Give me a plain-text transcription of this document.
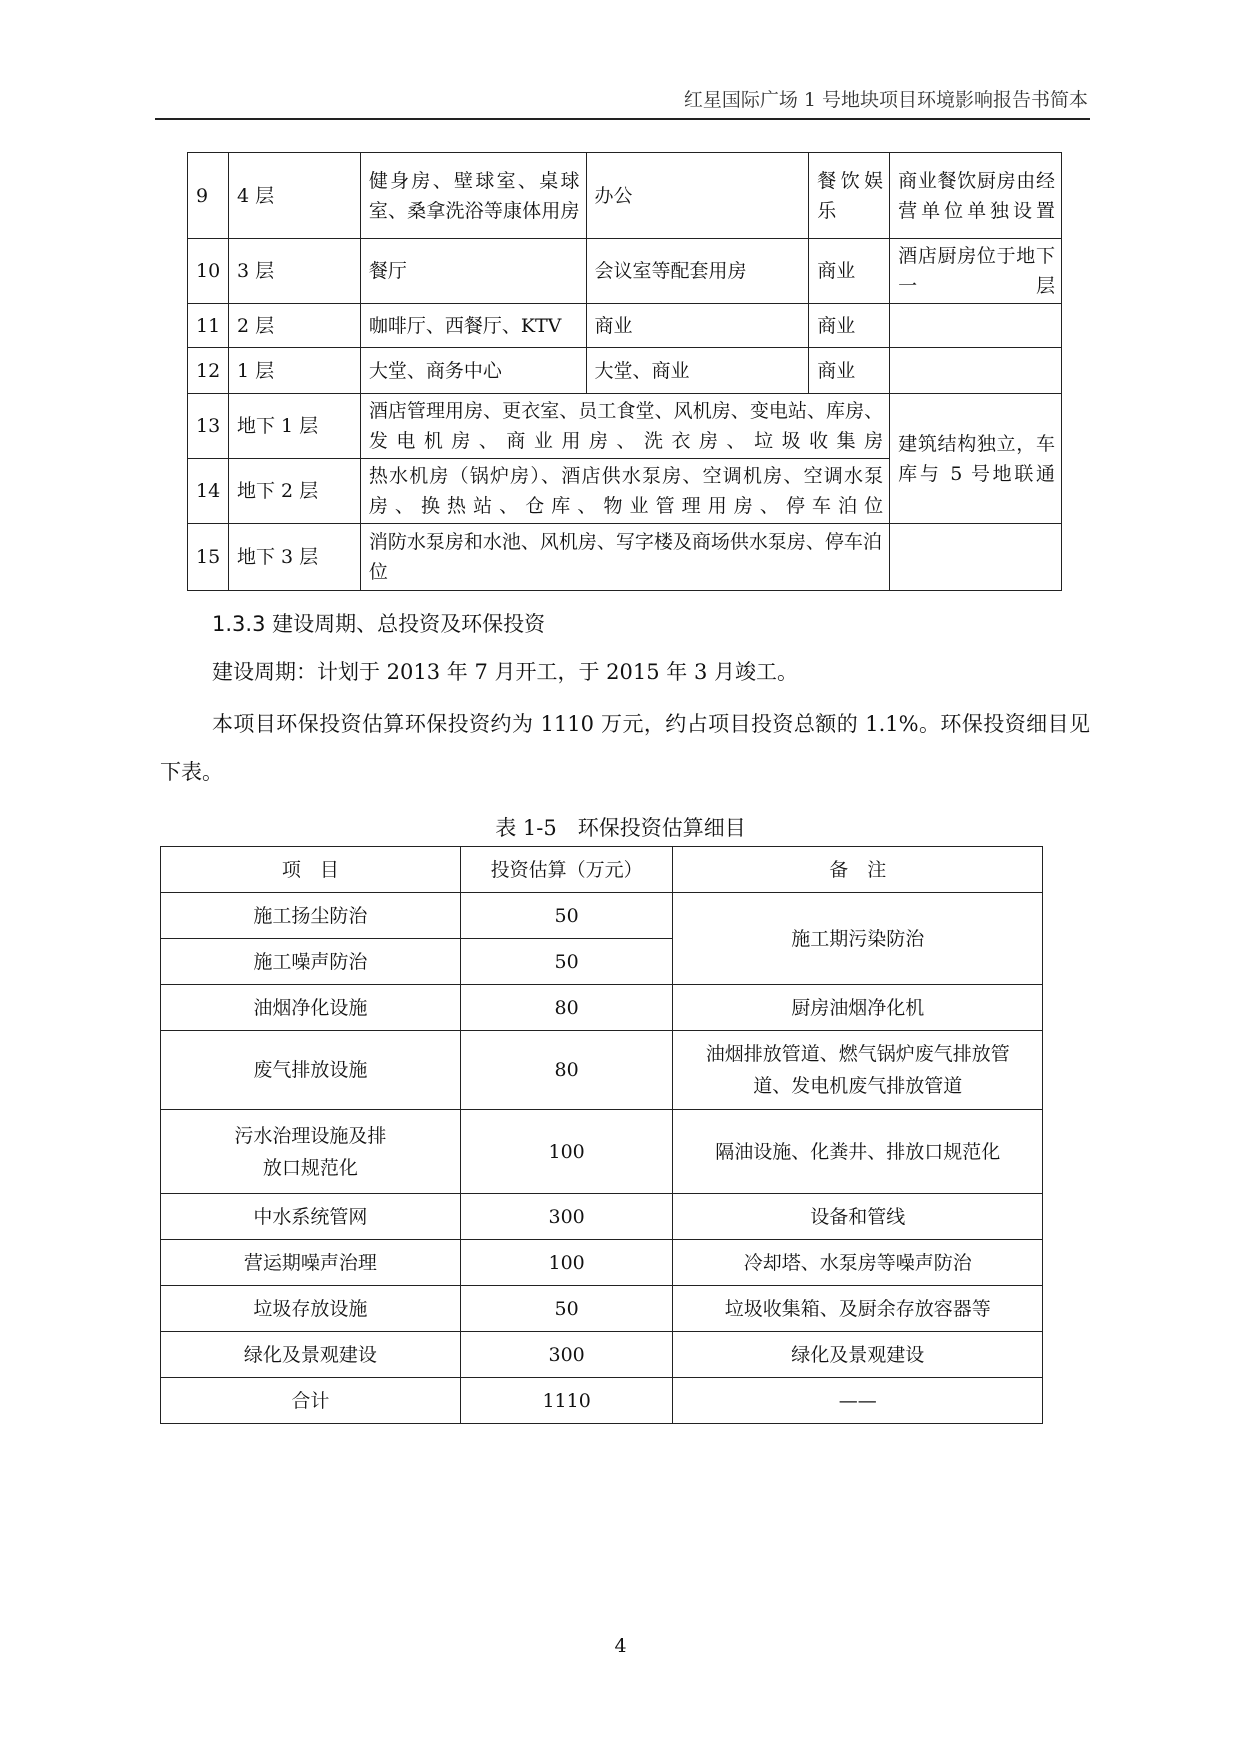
红星国际广场 1 号地块项目环境影响报告书简本
9	4 层	健身房、壁球室、桌球室、桑拿洗浴等康体用房	办公	餐饮娱乐	商业餐饮厨房由经营单位单独设置
10	3 层	餐厅	会议室等配套用房	商业	酒店厨房位于地下一层
11	2 层	咖啡厅、西餐厅、KTV	商业	商业	
12	1 层	大堂、商务中心	大堂、商业	商业	
13	地下 1 层	酒店管理用房、更衣室、员工食堂、风机房、变电站、库房、发电机房、商业用房、洗衣房、垃圾收集房			建筑结构独立，车库与 5 号地联通
14	地下 2 层	热水机房（锅炉房）、酒店供水泵房、空调机房、空调水泵房、换热站、仓库、物业管理用房、停车泊位			
15	地下 3 层	消防水泵房和水池、风机房、写字楼及商场供水泵房、停车泊位			
1.3.3 建设周期、总投资及环保投资
建设周期：计划于 2013 年 7 月开工，于 2015 年 3 月竣工。
本项目环保投资估算环保投资约为 1110 万元，约占项目投资总额的 1.1%。环保投资细目见下表。
表 1-5　环保投资估算细目
项　目	投资估算（万元）	备　注
施工扬尘防治	50	施工期污染防治
施工噪声防治	50	
油烟净化设施	80	厨房油烟净化机
废气排放设施	80	油烟排放管道、燃气锅炉废气排放管道、发电机废气排放管道
污水治理设施及排放口规范化	100	隔油设施、化粪井、排放口规范化
中水系统管网	300	设备和管线
营运期噪声治理	100	冷却塔、水泵房等噪声防治
垃圾存放设施	50	垃圾收集箱、及厨余存放容器等
绿化及景观建设	300	绿化及景观建设
合计	1110	——
4
